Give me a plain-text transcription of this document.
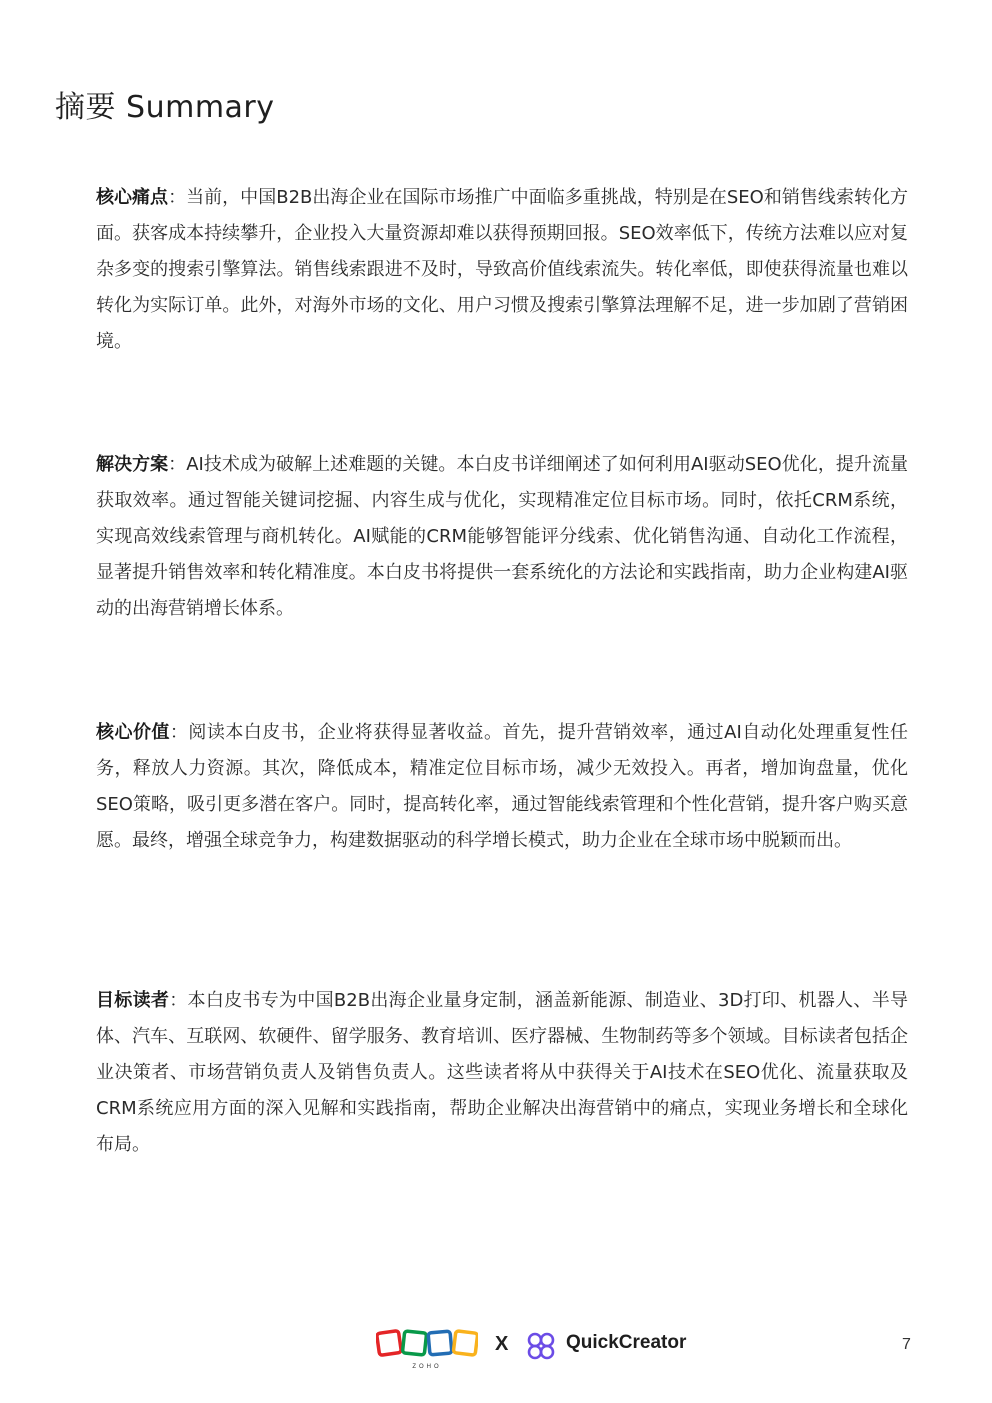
摘要 Summary

核心痛点：当前，中国B2B出海企业在国际市场推广中面临多重挑战，特别是在SEO和销售线索转化方面。获客成本持续攀升，企业投入大量资源却难以获得预期回报。SEO效率低下，传统方法难以应对复杂多变的搜索引擎算法。销售线索跟进不及时，导致高价值线索流失。转化率低，即使获得流量也难以转化为实际订单。此外，对海外市场的文化、用户习惯及搜索引擎算法理解不足，进一步加剧了营销困境。

解决方案：AI技术成为破解上述难题的关键。本白皮书详细阐述了如何利用AI驱动SEO优化，提升流量获取效率。通过智能关键词挖掘、内容生成与优化，实现精准定位目标市场。同时，依托CRM系统，实现高效线索管理与商机转化。AI赋能的CRM能够智能评分线索、优化销售沟通、自动化工作流程，显著提升销售效率和转化精准度。本白皮书将提供一套系统化的方法论和实践指南，助力企业构建AI驱动的出海营销增长体系。

核心价值：阅读本白皮书，企业将获得显著收益。首先，提升营销效率，通过AI自动化处理重复性任务，释放人力资源。其次，降低成本，精准定位目标市场，减少无效投入。再者，增加询盘量，优化SEO策略，吸引更多潜在客户。同时，提高转化率，通过智能线索管理和个性化营销，提升客户购买意愿。最终，增强全球竞争力，构建数据驱动的科学增长模式，助力企业在全球市场中脱颖而出。

目标读者：本白皮书专为中国B2B出海企业量身定制，涵盖新能源、制造业、3D打印、机器人、半导体、汽车、互联网、软硬件、留学服务、教育培训、医疗器械、生物制药等多个领域。目标读者包括企业决策者、市场营销负责人及销售负责人。这些读者将从中获得关于AI技术在SEO优化、流量获取及CRM系统应用方面的深入见解和实践指南，帮助企业解决出海营销中的痛点，实现业务增长和全球化布局。

ZOHO
X	QuickCreator	7
